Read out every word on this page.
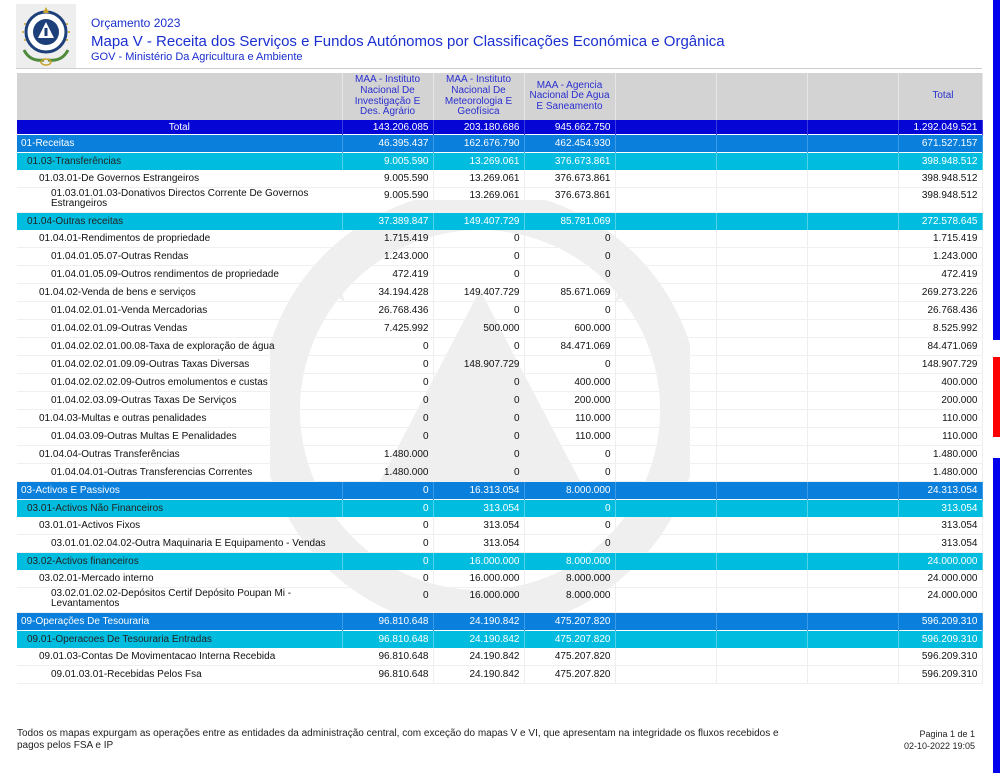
Orçamento 2023
Mapa V - Receita dos Serviços e Fundos Autónomos por Classificações Económica e Orgânica
GOV - Ministério Da Agricultura e Ambiente
	MAA - Instituto Nacional De Investigação E Des. Agrário	MAA - Instituto Nacional De Meteorologia E Geofísica	MAA - Agencia Nacional De Agua E Saneamento				Total
Total	143.206.085	203.180.686	945.662.750				1.292.049.521
01-Receitas	46.395.437	162.676.790	462.454.930				671.527.157
01.03-Transferências	9.005.590	13.269.061	376.673.861				398.948.512
01.03.01-De Governos Estrangeiros	9.005.590	13.269.061	376.673.861				398.948.512
01.03.01.01.03-Donativos Directos Corrente De Governos Estrangeiros	9.005.590	13.269.061	376.673.861				398.948.512
01.04-Outras receitas	37.389.847	149.407.729	85.781.069				272.578.645
01.04.01-Rendimentos de propriedade	1.715.419	0	0				1.715.419
01.04.01.05.07-Outras Rendas	1.243.000	0	0				1.243.000
01.04.01.05.09-Outros rendimentos de propriedade	472.419	0	0				472.419
01.04.02-Venda de bens e serviços	34.194.428	149.407.729	85.671.069				269.273.226
01.04.02.01.01-Venda Mercadorias	26.768.436	0	0				26.768.436
01.04.02.01.09-Outras Vendas	7.425.992	500.000	600.000				8.525.992
01.04.02.02.01.00.08-Taxa de exploração de água	0	0	84.471.069				84.471.069
01.04.02.02.01.09.09-Outras Taxas Diversas	0	148.907.729	0				148.907.729
01.04.02.02.02.09-Outros emolumentos e custas	0	0	400.000				400.000
01.04.02.03.09-Outras Taxas De Serviços	0	0	200.000				200.000
01.04.03-Multas e outras penalidades	0	0	110.000				110.000
01.04.03.09-Outras Multas E Penalidades	0	0	110.000				110.000
01.04.04-Outras Transferências	1.480.000	0	0				1.480.000
01.04.04.01-Outras Transferencias Correntes	1.480.000	0	0				1.480.000
03-Activos E Passivos	0	16.313.054	8.000.000				24.313.054
03.01-Activos Não Financeiros	0	313.054	0				313.054
03.01.01-Activos Fixos	0	313.054	0				313.054
03.01.01.02.04.02-Outra Maquinaria E Equipamento - Vendas	0	313.054	0				313.054
03.02-Activos financeiros	0	16.000.000	8.000.000				24.000.000
03.02.01-Mercado interno	0	16.000.000	8.000.000				24.000.000
03.02.01.02.02-Depósitos Certif Depósito Poupan Mi - Levantamentos	0	16.000.000	8.000.000				24.000.000
09-Operações De Tesouraria	96.810.648	24.190.842	475.207.820				596.209.310
09.01-Operacoes De Tesouraria Entradas	96.810.648	24.190.842	475.207.820				596.209.310
09.01.03-Contas De Movimentacao Interna Recebida	96.810.648	24.190.842	475.207.820				596.209.310
09.01.03.01-Recebidas Pelos Fsa	96.810.648	24.190.842	475.207.820				596.209.310
Todos os mapas expurgam as operações entre as entidades da administração central, com exceção do mapas V e VI, que apresentam na integridade os fluxos recebidos e pagos pelos FSA e IP
Pagina 1 de 1
02-10-2022 19:05
